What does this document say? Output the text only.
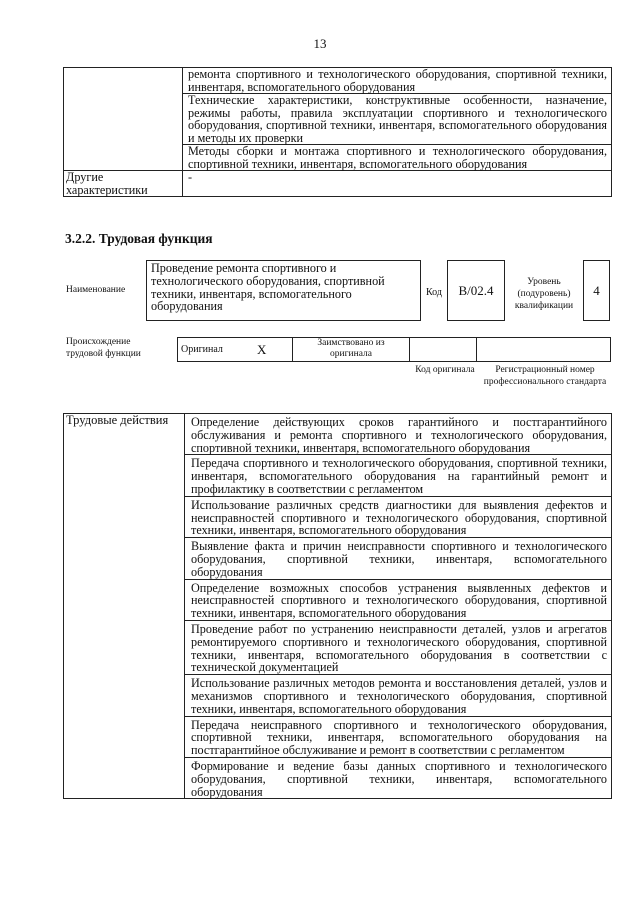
13
	ремонта спортивного и технологического оборудования, спортивной техники, инвентаря, вспомогательного оборудования
	Технические характеристики, конструктивные особенности, назначение, режимы работы, правила эксплуатации спортивного и технологического оборудования, спортивной техники, инвентаря, вспомогательного оборудования и методы их проверки
	Методы сборки и монтажа спортивного и технологического оборудования, спортивной техники, инвентаря, вспомогательного оборудования
Другие характеристики	-
3.2.2. Трудовая функция
Наименование
Проведение ремонта спортивного и технологического оборудования, спортивной техники, инвентаря, вспомогательного оборудования
Код	B/02.4
Уровень (подуровень) квалификации
4
Происхождение трудовой функции	Оригинал	X	Заимствовано из оригинала		
Код оригинала	Регистрационный номер профессионального стандарта
Трудовые действия	Определение действующих сроков гарантийного и постгарантийного обслуживания и ремонта спортивного и технологического оборудования, спортивной техники, инвентаря, вспомогательного оборудования
Передача спортивного и технологического оборудования, спортивной техники, инвентаря, вспомогательного оборудования на гарантийный ремонт и профилактику в соответствии с регламентом
Использование различных средств диагностики для выявления дефектов и неисправностей спортивного и технологического оборудования, спортивной техники, инвентаря, вспомогательного оборудования
Выявление факта и причин неисправности спортивного и технологического оборудования, спортивной техники, инвентаря, вспомогательного оборудования
Определение возможных способов устранения выявленных дефектов и неисправностей спортивного и технологического оборудования, спортивной техники, инвентаря, вспомогательного оборудования
Проведение работ по устранению неисправности деталей, узлов и агрегатов ремонтируемого спортивного и технологического оборудования, спортивной техники, инвентаря, вспомогательного оборудования в соответствии с технической документацией
Использование различных методов ремонта и восстановления деталей, узлов и механизмов спортивного и технологического оборудования, спортивной техники, инвентаря, вспомогательного оборудования
Передача неисправного спортивного и технологического оборудования, спортивной техники, инвентаря, вспомогательного оборудования на постгарантийное обслуживание и ремонт в соответствии с регламентом
Формирование и ведение базы данных спортивного и технологического оборудования, спортивной техники, инвентаря, вспомогательного оборудования
